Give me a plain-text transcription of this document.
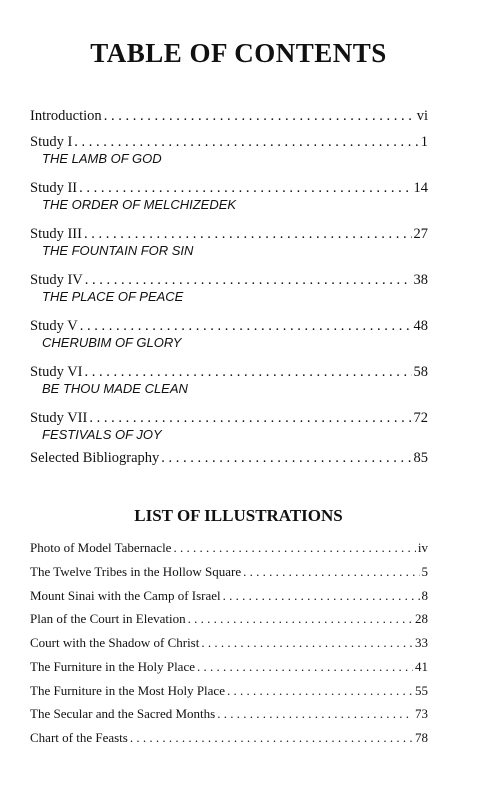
TABLE OF CONTENTS
Introduction . . .	vi
Study I . . .	1
THE LAMB OF GOD
Study II . . .	14
THE ORDER OF MELCHIZEDEK
Study III . . .	27
THE FOUNTAIN FOR SIN
Study IV . . .	38
THE PLACE OF PEACE
Study V . . .	48
CHERUBIM OF GLORY
Study VI . . .	58
BE THOU MADE CLEAN
Study VII . . .	72
FESTIVALS OF JOY
Selected Bibliography . . .	85
LIST OF ILLUSTRATIONS
Photo of Model Tabernacle . . .	iv
The Twelve Tribes in the Hollow Square . . .	5
Mount Sinai with the Camp of Israel . . .	8
Plan of the Court in Elevation . . .	28
Court with the Shadow of Christ . . .	33
The Furniture in the Holy Place . . .	41
The Furniture in the Most Holy Place . . .	55
The Secular and the Sacred Months . . .	73
Chart of the Feasts . . .	78
